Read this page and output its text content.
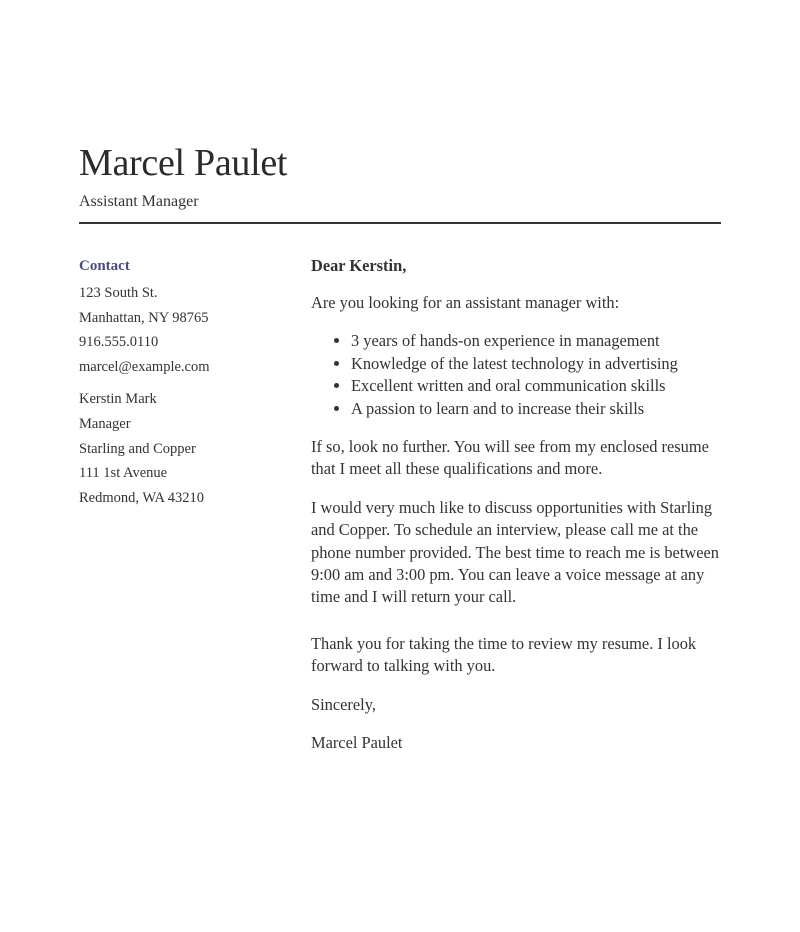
Marcel Paulet
Assistant Manager
Contact
123 South St.
Manhattan, NY 98765
916.555.0110
marcel@example.com
Kerstin Mark
Manager
Starling and Copper
111 1st Avenue
Redmond, WA 43210

Dear Kerstin,

Are you looking for an assistant manager with:

• 3 years of hands-on experience in management
• Knowledge of the latest technology in advertising
• Excellent written and oral communication skills
• A passion to learn and to increase their skills

If so, look no further. You will see from my enclosed resume that I meet all these qualifications and more.

I would very much like to discuss opportunities with Starling and Copper. To schedule an interview, please call me at the phone number provided. The best time to reach me is between 9:00 am and 3:00 pm. You can leave a voice message at any time and I will return your call.

Thank you for taking the time to review my resume. I look forward to talking with you.

Sincerely,

Marcel Paulet
